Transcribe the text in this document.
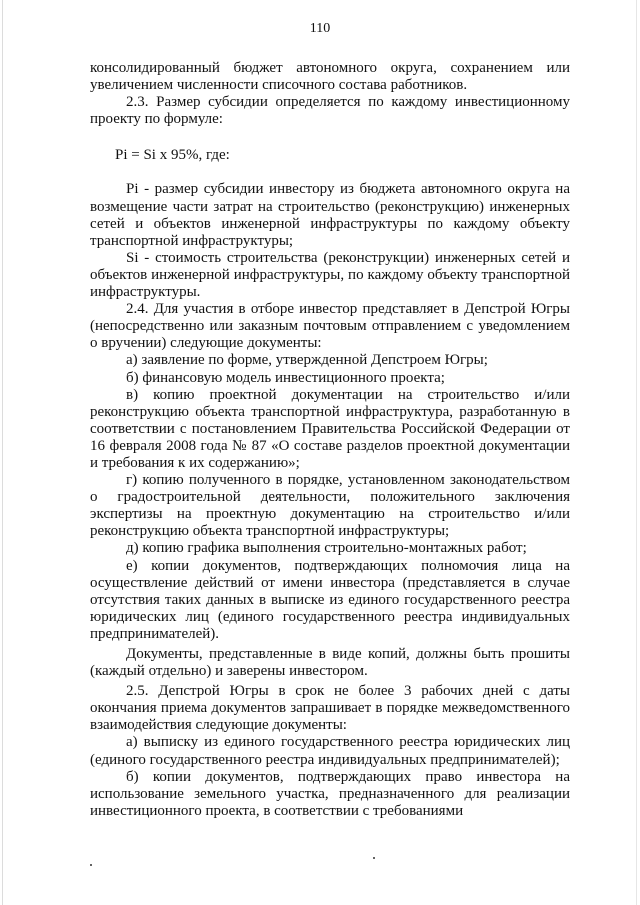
110

консолидированный бюджет автономного округа, сохранением или увеличением численности списочного состава работников.

2.3. Размер субсидии определяется по каждому инвестиционному проекту по формуле:

Pi = Si x 95%, где:

Pi - размер субсидии инвестору из бюджета автономного округа на возмещение части затрат на строительство (реконструкцию) инженерных сетей и объектов инженерной инфраструктуры по каждому объекту транспортной инфраструктуры;

Si - стоимость строительства (реконструкции) инженерных сетей и объектов инженерной инфраструктуры, по каждому объекту транспортной инфраструктуры.

2.4. Для участия в отборе инвестор представляет в Депстрой Югры (непосредственно или заказным почтовым отправлением с уведомлением о вручении) следующие документы:

а) заявление по форме, утвержденной Депстроем Югры;

б) финансовую модель инвестиционного проекта;

в) копию проектной документации на строительство и/или реконструкцию объекта транспортной инфраструктура, разработанную в соответствии с постановлением Правительства Российской Федерации от 16 февраля 2008 года № 87 «О составе разделов проектной документации и требования к их содержанию»;

г) копию полученного в порядке, установленном законодательством о градостроительной деятельности, положительного заключения экспертизы на проектную документацию на строительство и/или реконструкцию объекта транспортной инфраструктуры;

д) копию графика выполнения строительно-монтажных работ;

е) копии документов, подтверждающих полномочия лица на осуществление действий от имени инвестора (представляется в случае отсутствия таких данных в выписке из единого государственного реестра юридических лиц (единого государственного реестра индивидуальных предпринимателей).

Документы, представленные в виде копий, должны быть прошиты (каждый отдельно) и заверены инвестором.

2.5. Депстрой Югры в срок не более 3 рабочих дней с даты окончания приема документов запрашивает в порядке межведомственного взаимодействия следующие документы:

а) выписку из единого государственного реестра юридических лиц (единого государственного реестра индивидуальных предпринимателей);

б) копии документов, подтверждающих право инвестора на использование земельного участка, предназначенного для реализации инвестиционного проекта, в соответствии с требованиями
